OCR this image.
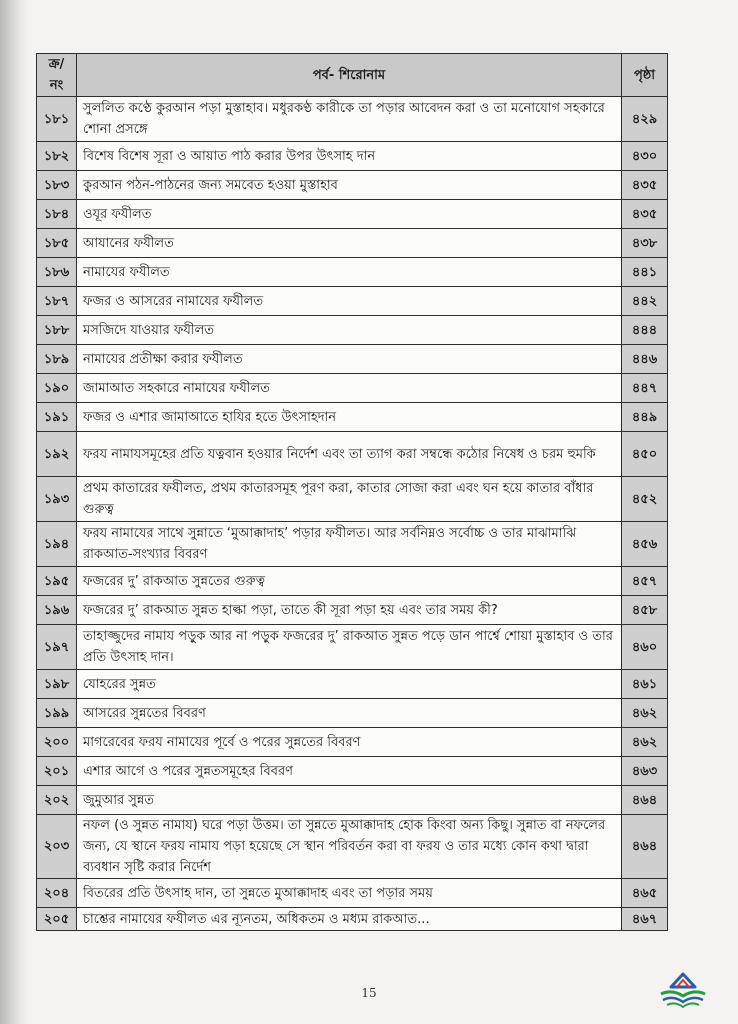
ক্র/নং	পর্ব- শিরোনাম	পৃষ্ঠা
১৮১	সুললিত কণ্ঠে কুরআন পড়া মুস্তাহাব। মধুরকণ্ঠ কারীকে তা পড়ার আবেদন করা ও তা মনোযোগ সহকারে শোনা প্রসঙ্গে	৪২৯
১৮২	বিশেষ বিশেষ সূরা ও আয়াত পাঠ করার উপর উৎসাহ দান	৪৩০
১৮৩	কুরআন পঠন-পাঠনের জন্য সমবেত হওয়া মুস্তাহাব	৪৩৫
১৮৪	ওযূর ফযীলত	৪৩৫
১৮৫	আযানের ফযীলত	৪৩৮
১৮৬	নামাযের ফযীলত	৪৪১
১৮৭	ফজর ও আসরের নামাযের ফযীলত	৪৪২
১৮৮	মসজিদে যাওয়ার ফযীলত	৪৪৪
১৮৯	নামাযের প্রতীক্ষা করার ফযীলত	৪৪৬
১৯০	জামাআত সহকারে নামাযের ফযীলত	৪৪৭
১৯১	ফজর ও এশার জামাআতে হাযির হতে উৎসাহদান	৪৪৯
১৯২	ফরয নামাযসমূহের প্রতি যত্নবান হওয়ার নির্দেশ এবং তা ত্যাগ করা সম্বন্ধে কঠোর নিষেধ ও চরম হুমকি	৪৫০
১৯৩	প্রথম কাতারের ফযীলত, প্রথম কাতারসমূহ পূরণ করা, কাতার সোজা করা এবং ঘন হয়ে কাতার বাঁধার গুরুত্ব	৪৫২
১৯৪	ফরয নামাযের সাথে সুন্নাতে ‘মুআক্কাদাহ’ পড়ার ফযীলত। আর সর্বনিম্নও সর্বোচ্চ ও তার মাঝামাঝি রাকআত-সংখ্যার বিবরণ	৪৫৬
১৯৫	ফজরের দু’ রাকআত সুন্নতের গুরুত্ব	৪৫৭
১৯৬	ফজরের দু’ রাকআত সুন্নত হাল্কা পড়া, তাতে কী সূরা পড়া হয় এবং তার সময় কী?	৪৫৮
১৯৭	তাহাজ্জুদের নামায পড়ুক আর না পড়ুক ফজরের দু’ রাকআত সুন্নত পড়ে ডান পার্শ্বে শোয়া মুস্তাহাব ও তার প্রতি উৎসাহ দান।	৪৬০
১৯৮	যোহরের সুন্নত	৪৬১
১৯৯	আসরের সুন্নতের বিবরণ	৪৬২
২০০	মাগরেবের ফরয নামাযের পূর্বে ও পরের সুন্নতের বিবরণ	৪৬২
২০১	এশার আগে ও পরের সুন্নতসমূহের বিবরণ	৪৬৩
২০২	জুমুআর সুন্নত	৪৬৪
২০৩	নফল (ও সুন্নত নামায) ঘরে পড়া উত্তম। তা সুন্নতে মুআক্কাদাহ হোক কিংবা অন্য কিছু। সুন্নাত বা নফলের জন্য, যে স্থানে ফরয নামায পড়া হয়েছে সে স্থান পরিবর্তন করা বা ফরয ও তার মধ্যে কোন কথা দ্বারা ব্যবধান সৃষ্টি করার নির্দেশ	৪৬৪
২০৪	বিতরের প্রতি উৎসাহ দান, তা সুন্নতে মুআক্কাদাহ এবং তা পড়ার সময়	৪৬৫
২০৫	চাশ্তের নামাযের ফযীলত এর ন্যূনতম, অধিকতম ও মধ্যম রাকআত...	৪৬৭
15
